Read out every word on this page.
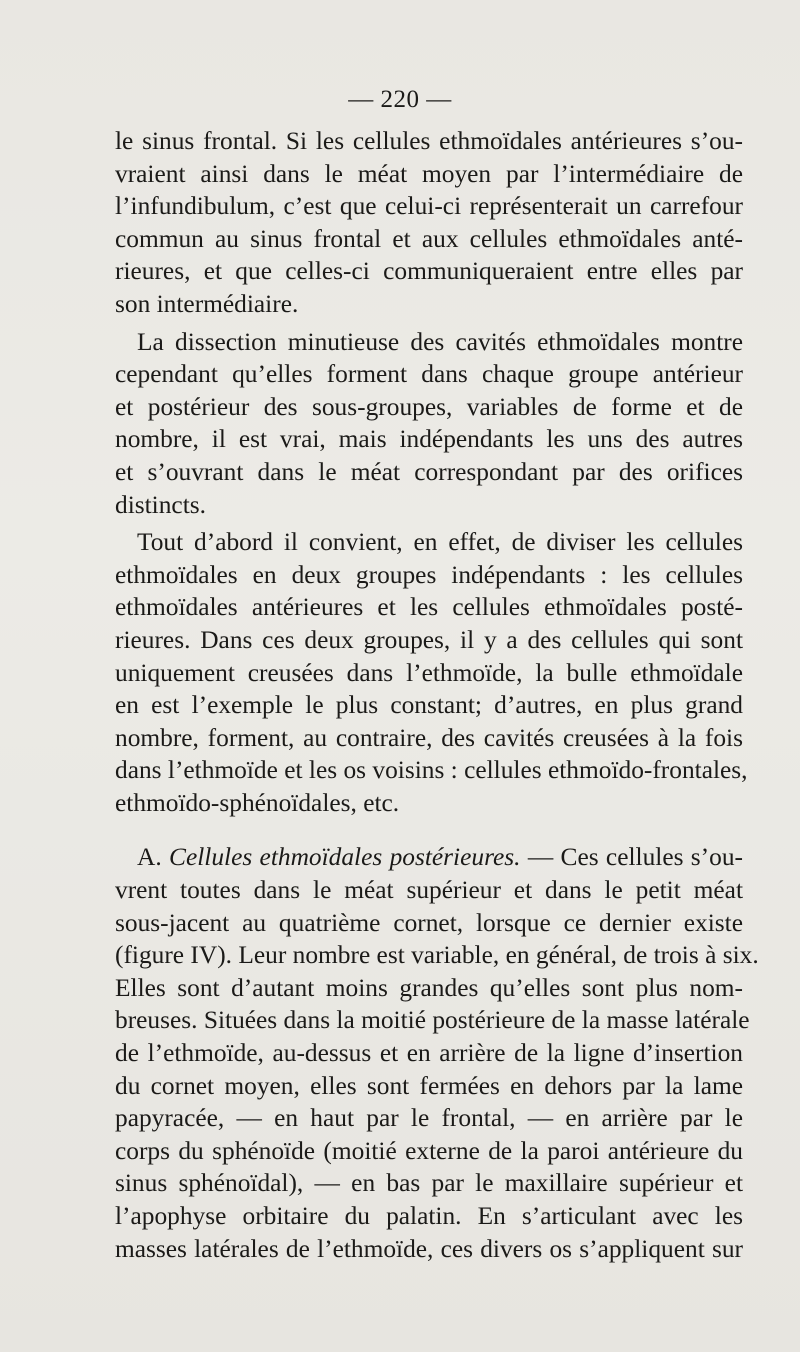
— 220 —
le sinus frontal. Si les cellules ethmoïdales antérieures s’ou-
vraient ainsi dans le méat moyen par l’intermédiaire de
l’infundibulum, c’est que celui-ci représenterait un carrefour
commun au sinus frontal et aux cellules ethmoïdales anté-
rieures, et que celles-ci communiqueraient entre elles par
son intermédiaire.
La dissection minutieuse des cavités ethmoïdales montre
cependant qu’elles forment dans chaque groupe antérieur
et postérieur des sous-groupes, variables de forme et de
nombre, il est vrai, mais indépendants les uns des autres
et s’ouvrant dans le méat correspondant par des orifices
distincts.
Tout d’abord il convient, en effet, de diviser les cellules
ethmoïdales en deux groupes indépendants : les cellules
ethmoïdales antérieures et les cellules ethmoïdales posté-
rieures. Dans ces deux groupes, il y a des cellules qui sont
uniquement creusées dans l’ethmoïde, la bulle ethmoïdale
en est l’exemple le plus constant; d’autres, en plus grand
nombre, forment, au contraire, des cavités creusées à la fois
dans l’ethmoïde et les os voisins : cellules ethmoïdo-frontales,
ethmoïdo-sphénoïdales, etc.
A. Cellules ethmoïdales postérieures. — Ces cellules s’ou-
vrent toutes dans le méat supérieur et dans le petit méat
sous-jacent au quatrième cornet, lorsque ce dernier existe
(figure IV). Leur nombre est variable, en général, de trois à six.
Elles sont d’autant moins grandes qu’elles sont plus nom-
breuses. Situées dans la moitié postérieure de la masse latérale
de l’ethmoïde, au-dessus et en arrière de la ligne d’insertion
du cornet moyen, elles sont fermées en dehors par la lame
papyracée, — en haut par le frontal, — en arrière par le
corps du sphénoïde (moitié externe de la paroi antérieure du
sinus sphénoïdal), — en bas par le maxillaire supérieur et
l’apophyse orbitaire du palatin. En s’articulant avec les
masses latérales de l’ethmoïde, ces divers os s’appliquent sur
